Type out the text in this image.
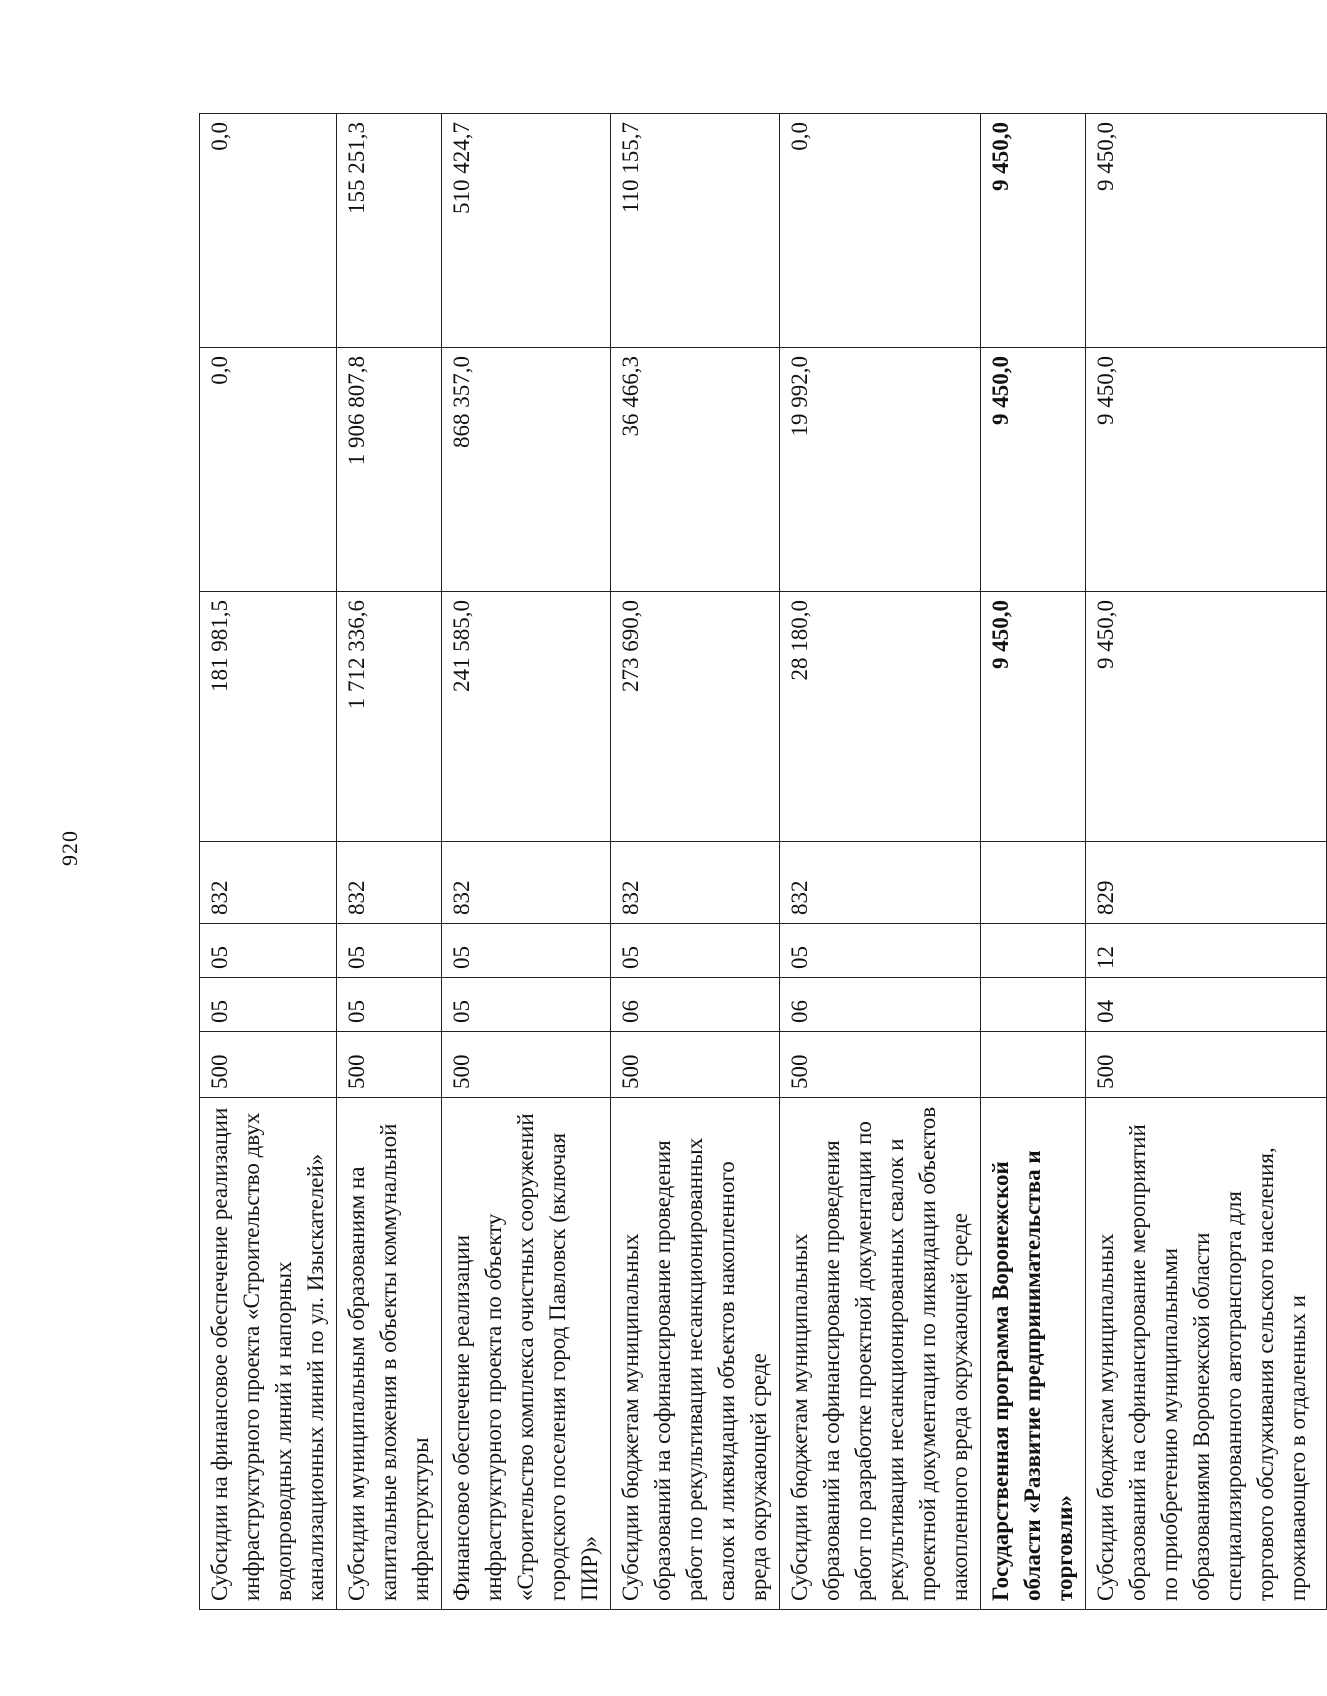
920
Субсидии на финансовое обеспечение реализации инфраструктурного проекта «Строительство двух водопроводных линий и напорных канализационных линий по ул. Изыскателей»	500	05	05	832	181 981,5	0,0	0,0
Субсидии муниципальным образованиям на капитальные вложения в объекты коммунальной инфраструктуры	500	05	05	832	1 712 336,6	1 906 807,8	155 251,3
Финансовое обеспечение реализации инфраструктурного проекта по объекту «Строительство комплекса очистных сооружений городского поселения город Павловск (включая ПИР)»	500	05	05	832	241 585,0	868 357,0	510 424,7
Субсидии бюджетам муниципальных образований на софинансирование проведения работ по рекультивации несанкционированных свалок и ликвидации объектов накопленного вреда окружающей среде	500	06	05	832	273 690,0	36 466,3	110 155,7
Субсидии бюджетам муниципальных образований на софинансирование проведения работ по разработке проектной документации по рекультивации несанкционированных свалок и проектной документации по ликвидации объектов накопленного вреда окружающей среде	500	06	05	832	28 180,0	19 992,0	0,0
Государственная программа Воронежской области «Развитие предпринимательства и торговли»					9 450,0	9 450,0	9 450,0
Субсидии бюджетам муниципальных образований на софинансирование мероприятий по приобретению муниципальными образованиями Воронежской области специализированного автотранспорта для торгового обслуживания сельского населения, проживающего в отдаленных и	500	04	12	829	9 450,0	9 450,0	9 450,0
